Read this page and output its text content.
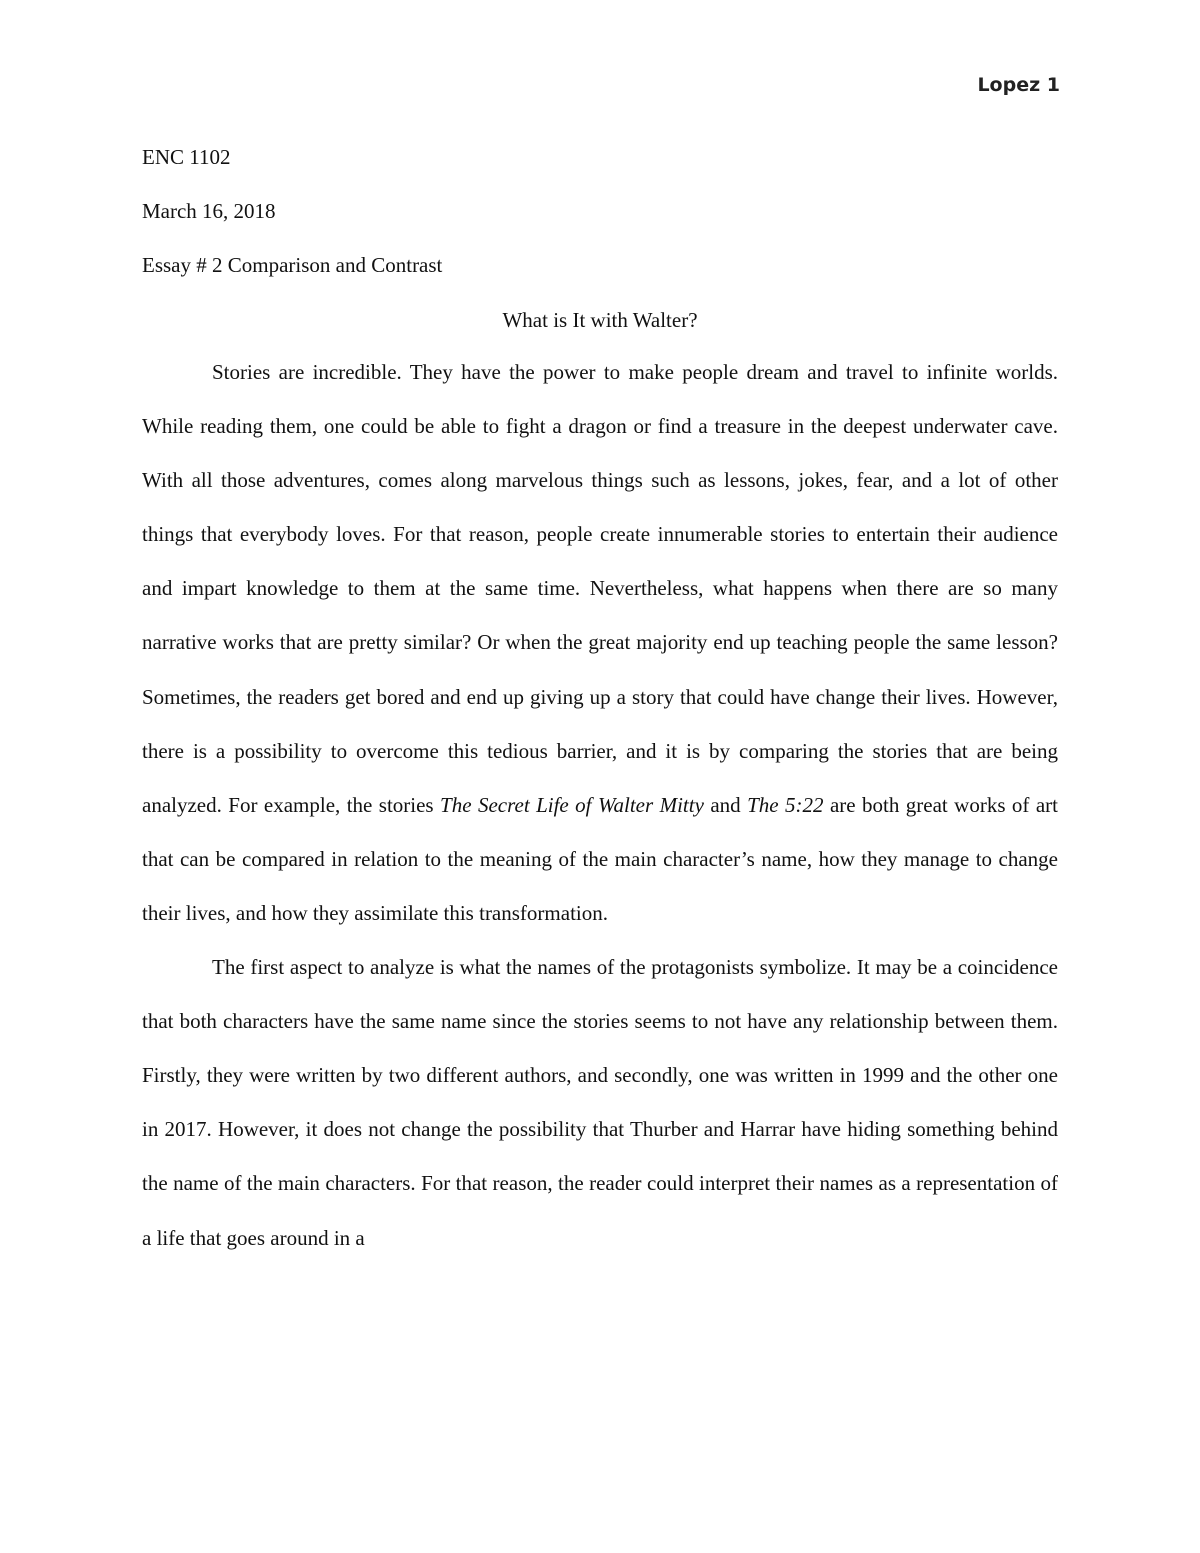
Lopez 1
ENC 1102
March 16, 2018
Essay # 2 Comparison and Contrast
What is It with Walter?

Stories are incredible. They have the power to make people dream and travel to infinite worlds. While reading them, one could be able to fight a dragon or find a treasure in the deepest underwater cave. With all those adventures, comes along marvelous things such as lessons, jokes, fear, and a lot of other things that everybody loves. For that reason, people create innumerable stories to entertain their audience and impart knowledge to them at the same time. Nevertheless, what happens when there are so many narrative works that are pretty similar? Or when the great majority end up teaching people the same lesson? Sometimes, the readers get bored and end up giving up a story that could have change their lives. However, there is a possibility to overcome this tedious barrier, and it is by comparing the stories that are being analyzed. For example, the stories The Secret Life of Walter Mitty and The 5:22 are both great works of art that can be compared in relation to the meaning of the main character’s name, how they manage to change their lives, and how they assimilate this transformation.

The first aspect to analyze is what the names of the protagonists symbolize. It may be a coincidence that both characters have the same name since the stories seems to not have any relationship between them. Firstly, they were written by two different authors, and secondly, one was written in 1999 and the other one in 2017. However, it does not change the possibility that Thurber and Harrar have hiding something behind the name of the main characters. For that reason, the reader could interpret their names as a representation of a life that goes around in a
